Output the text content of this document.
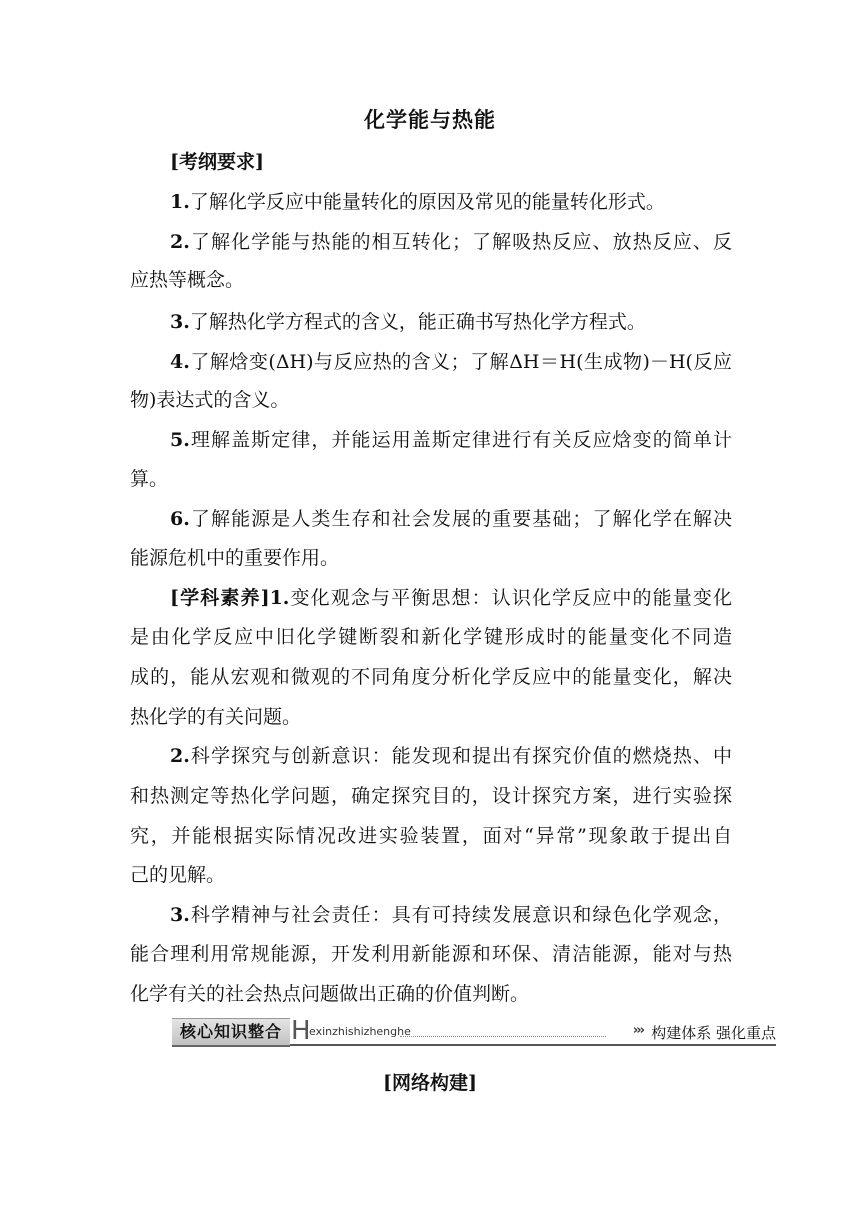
化学能与热能
[考纲要求]
1.了解化学反应中能量转化的原因及常见的能量转化形式。
2.了解化学能与热能的相互转化；了解吸热反应、放热反应、反
应热等概念。
3.了解热化学方程式的含义，能正确书写热化学方程式。
4.了解焓变(ΔH)与反应热的含义；了解ΔH＝H(生成物)－H(反应
物)表达式的含义。
5.理解盖斯定律，并能运用盖斯定律进行有关反应焓变的简单计
算。
6.了解能源是人类生存和社会发展的重要基础；了解化学在解决
能源危机中的重要作用。
[学科素养]1.变化观念与平衡思想：认识化学反应中的能量变化
是由化学反应中旧化学键断裂和新化学键形成时的能量变化不同造
成的，能从宏观和微观的不同角度分析化学反应中的能量变化，解决
热化学的有关问题。
2.科学探究与创新意识：能发现和提出有探究价值的燃烧热、中
和热测定等热化学问题，确定探究目的，设计探究方案，进行实验探
究，并能根据实际情况改进实验装置，面对“异常”现象敢于提出自
己的见解。
3.科学精神与社会责任：具有可持续发展意识和绿色化学观念，
能合理利用常规能源，开发利用新能源和环保、清洁能源，能对与热
化学有关的社会热点问题做出正确的价值判断。
核心知识整合 H
exinzhishizhenghe	››› 构建体系 强化重点
[网络构建]
